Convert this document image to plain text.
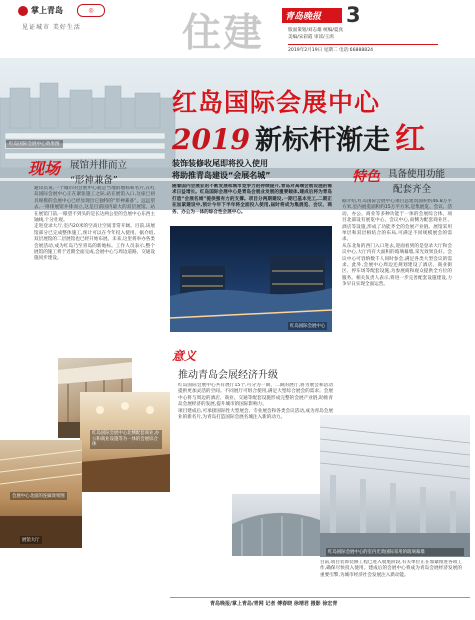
掌上青岛	◎
见证城市 美好生活	住建 青岛晚报 3
版面策划/刘志雄 统编/夏真
美编/宋彩霞 审读/王鸿
2019年2月19日 星期二 电话:66888824
红岛国际会展中心效果图
红岛国际会展中心
2019 新标杆渐走 红
现场 展馆并排而立
“形神兼备”
通讯员说,一个城市的会展中心就是当地的地标和名片,在红岛国际会展中心正在紧张施工之际,站在展馆入口,这座已初具规模的会展中心已经显现出它独特的“形神兼备”。远远望去,一排排展馆并排而立,这是目前国内最大的双层展馆。站在展馆门前,一眼望不到头的是长达两公里的会展中心东西主轴线,十分壮观。
走进登录大厅,室内20米的空高让空间非常开阔。目前,该展馆部分已完成整体施工,预计可以在今年投入使用。据介绍,双层展馆的二层展馆也已经开始布展。未来,这里将举办各类会展活动,成为红岛乃至青岛的新地标。工作人员表示,整个展馆的施工将于近期全面完成,会展中心与周边道路、交通设施同步建设。
装饰装修收尾即将投入使用
将助推青岛建设“会展名城”
随着国内会展业的不断发展和城市竞争力的持续提升,青岛对高端会展设施的需求日益增长。红岛国际会展中心是青岛会展业发展的重要载体,建成后将为青岛打造“会展名城”提供强有力的支撑。项目分两期建设,一期已基本完工,二期正在加紧建设中,预计今年下半年将全面投入使用,届时将成为集展览、会议、商务、办公为一体的综合性会展中心。
红岛国际会展中心
特色 具备使用功能
配套齐全
据介绍,红岛国际会展中心项目总建筑面积约46.8万平方米,室内展览面积约15万平方米,是集展览、会议、活动、办公、商业等多种功能于一体的会展综合体。项目北部设有展览中心、会议中心,南侧为配套商业区、酒店等设施,形成了功能齐全的会展产业链。展馆采用单层和双层相结合的布局,可满足不同规模展会的需求。
从东北角的西门入口进去,迎面看到的是登录大厅和会议中心,大厅内有大面积的玻璃幕墙,采光效果良好。会议中心可容纳数千人同时参会,满足各类大型会议的需求。此外,会展中心周边还规划建设了酒店、商业街区、停车场等配套设施,为参展商和观众提供全方位的服务。相关负责人表示,将进一步完善配套设施建设,力争早日实现全面运营。
红岛国际会展中心北侧配套商业,办公和商业设施等为一体的会展综合体
会展中心北面的连廊效果图
展馆大厅
意义
推动青岛会展经济升级
红岛国际会展中心共有展厅15个,可分为一期、二期的展厅,将为展会和活动提供更加灵活的空间。不同展厅可组合使用,满足大型综合展会的需求。会展中心将与周边的酒店、商业、交通等配套设施形成完整的会展产业链,助推青岛会展经济的发展,提升城市的国际影响力。
项目建成后,可承接国际性大型展会、专业展会和各类会议活动,成为青岛会展业的新名片,为青岛打造国际会展名城注入新的动力。
红岛国际会展中心的室内光效国际采用的玻璃幕墙
目前,项目装饰装修工程已进入收尾阶段,有关单位正在加紧推进各项工作,确保尽快投入使用。建成后的会展中心将成为青岛会展经济发展的重要引擎,为城市经济社会发展注入新动能。
青岛晚报/掌上青岛/青网 记者 傅春晓 徐靖君 摄影 徐宏青
